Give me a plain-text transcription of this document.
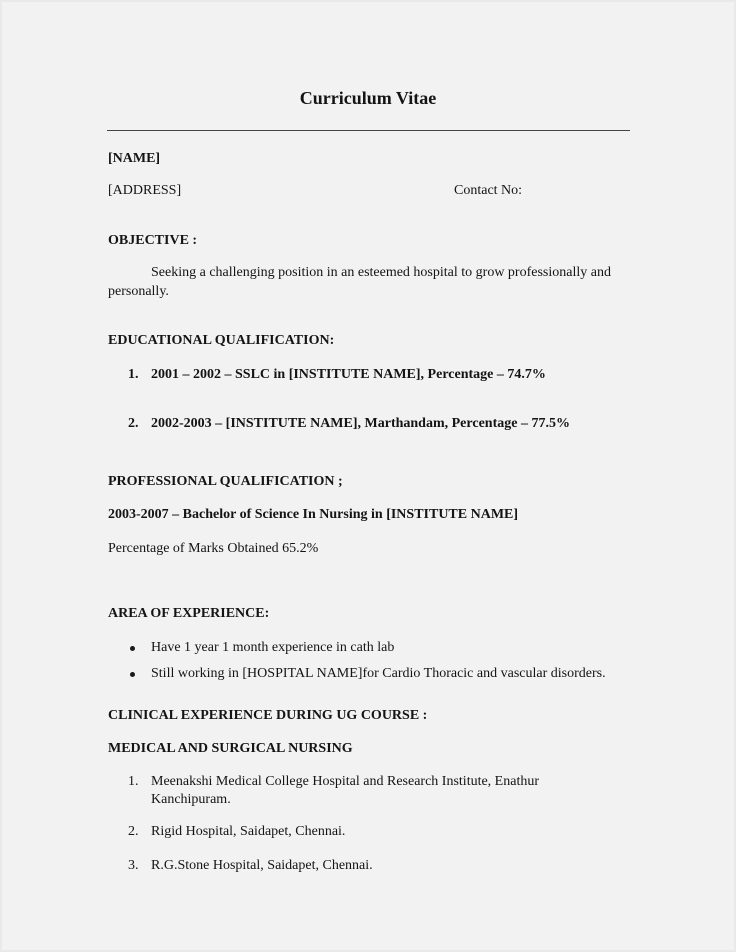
Curriculum Vitae
[NAME]
[ADDRESS]	Contact No:
OBJECTIVE :
Seeking a challenging position in an esteemed hospital to grow professionally and
personally.
EDUCATIONAL QUALIFICATION:
1. 2001 – 2002 – SSLC in [INSTITUTE NAME], Percentage – 74.7%
2. 2002-2003 – [INSTITUTE NAME], Marthandam, Percentage – 77.5%
PROFESSIONAL QUALIFICATION ;
2003-2007 – Bachelor of Science In Nursing in [INSTITUTE NAME]
Percentage of Marks Obtained 65.2%
AREA OF EXPERIENCE:
Have 1 year 1 month experience in cath lab
Still working in [HOSPITAL NAME]for Cardio Thoracic and vascular disorders.
CLINICAL EXPERIENCE DURING UG COURSE :
MEDICAL AND SURGICAL NURSING
1. Meenakshi Medical College Hospital and Research Institute, Enathur
Kanchipuram.
2. Rigid Hospital, Saidapet, Chennai.
3. R.G.Stone Hospital, Saidapet, Chennai.
